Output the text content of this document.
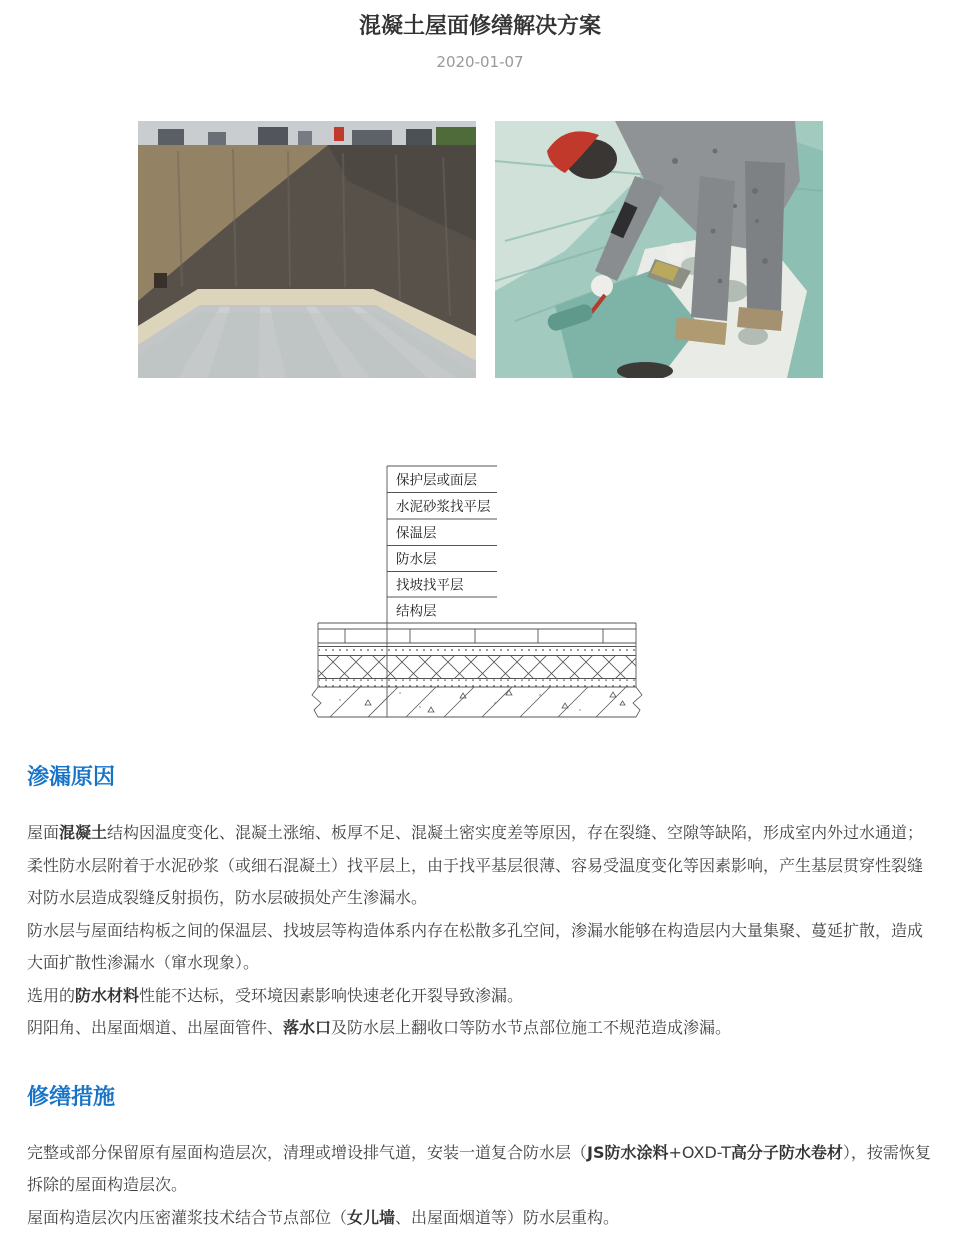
混凝土屋面修缮解决方案
2020-01-07
保护层或面层
水泥砂浆找平层
保温层
防水层
找坡找平层
结构层
渗漏原因

屋面混凝土结构因温度变化、混凝土涨缩、板厚不足、混凝土密实度差等原因，存在裂缝、空隙等缺陷，形成室内外过水通道；柔性防水层附着于水泥砂浆（或细石混凝土）找平层上，由于找平基层很薄、容易受温度变化等因素影响，产生基层贯穿性裂缝对防水层造成裂缝反射损伤，防水层破损处产生渗漏水。

防水层与屋面结构板之间的保温层、找坡层等构造体系内存在松散多孔空间，渗漏水能够在构造层内大量集聚、蔓延扩散，造成大面扩散性渗漏水（窜水现象）。

选用的防水材料性能不达标，受环境因素影响快速老化开裂导致渗漏。

阴阳角、出屋面烟道、出屋面管件、落水口及防水层上翻收口等防水节点部位施工不规范造成渗漏。

修缮措施

完整或部分保留原有屋面构造层次，清理或增设排气道，安装一道复合防水层（JS防水涂料+OXD-T高分子防水卷材），按需恢复拆除的屋面构造层次。

屋面构造层次内压密灌浆技术结合节点部位（女儿墙、出屋面烟道等）防水层重构。
